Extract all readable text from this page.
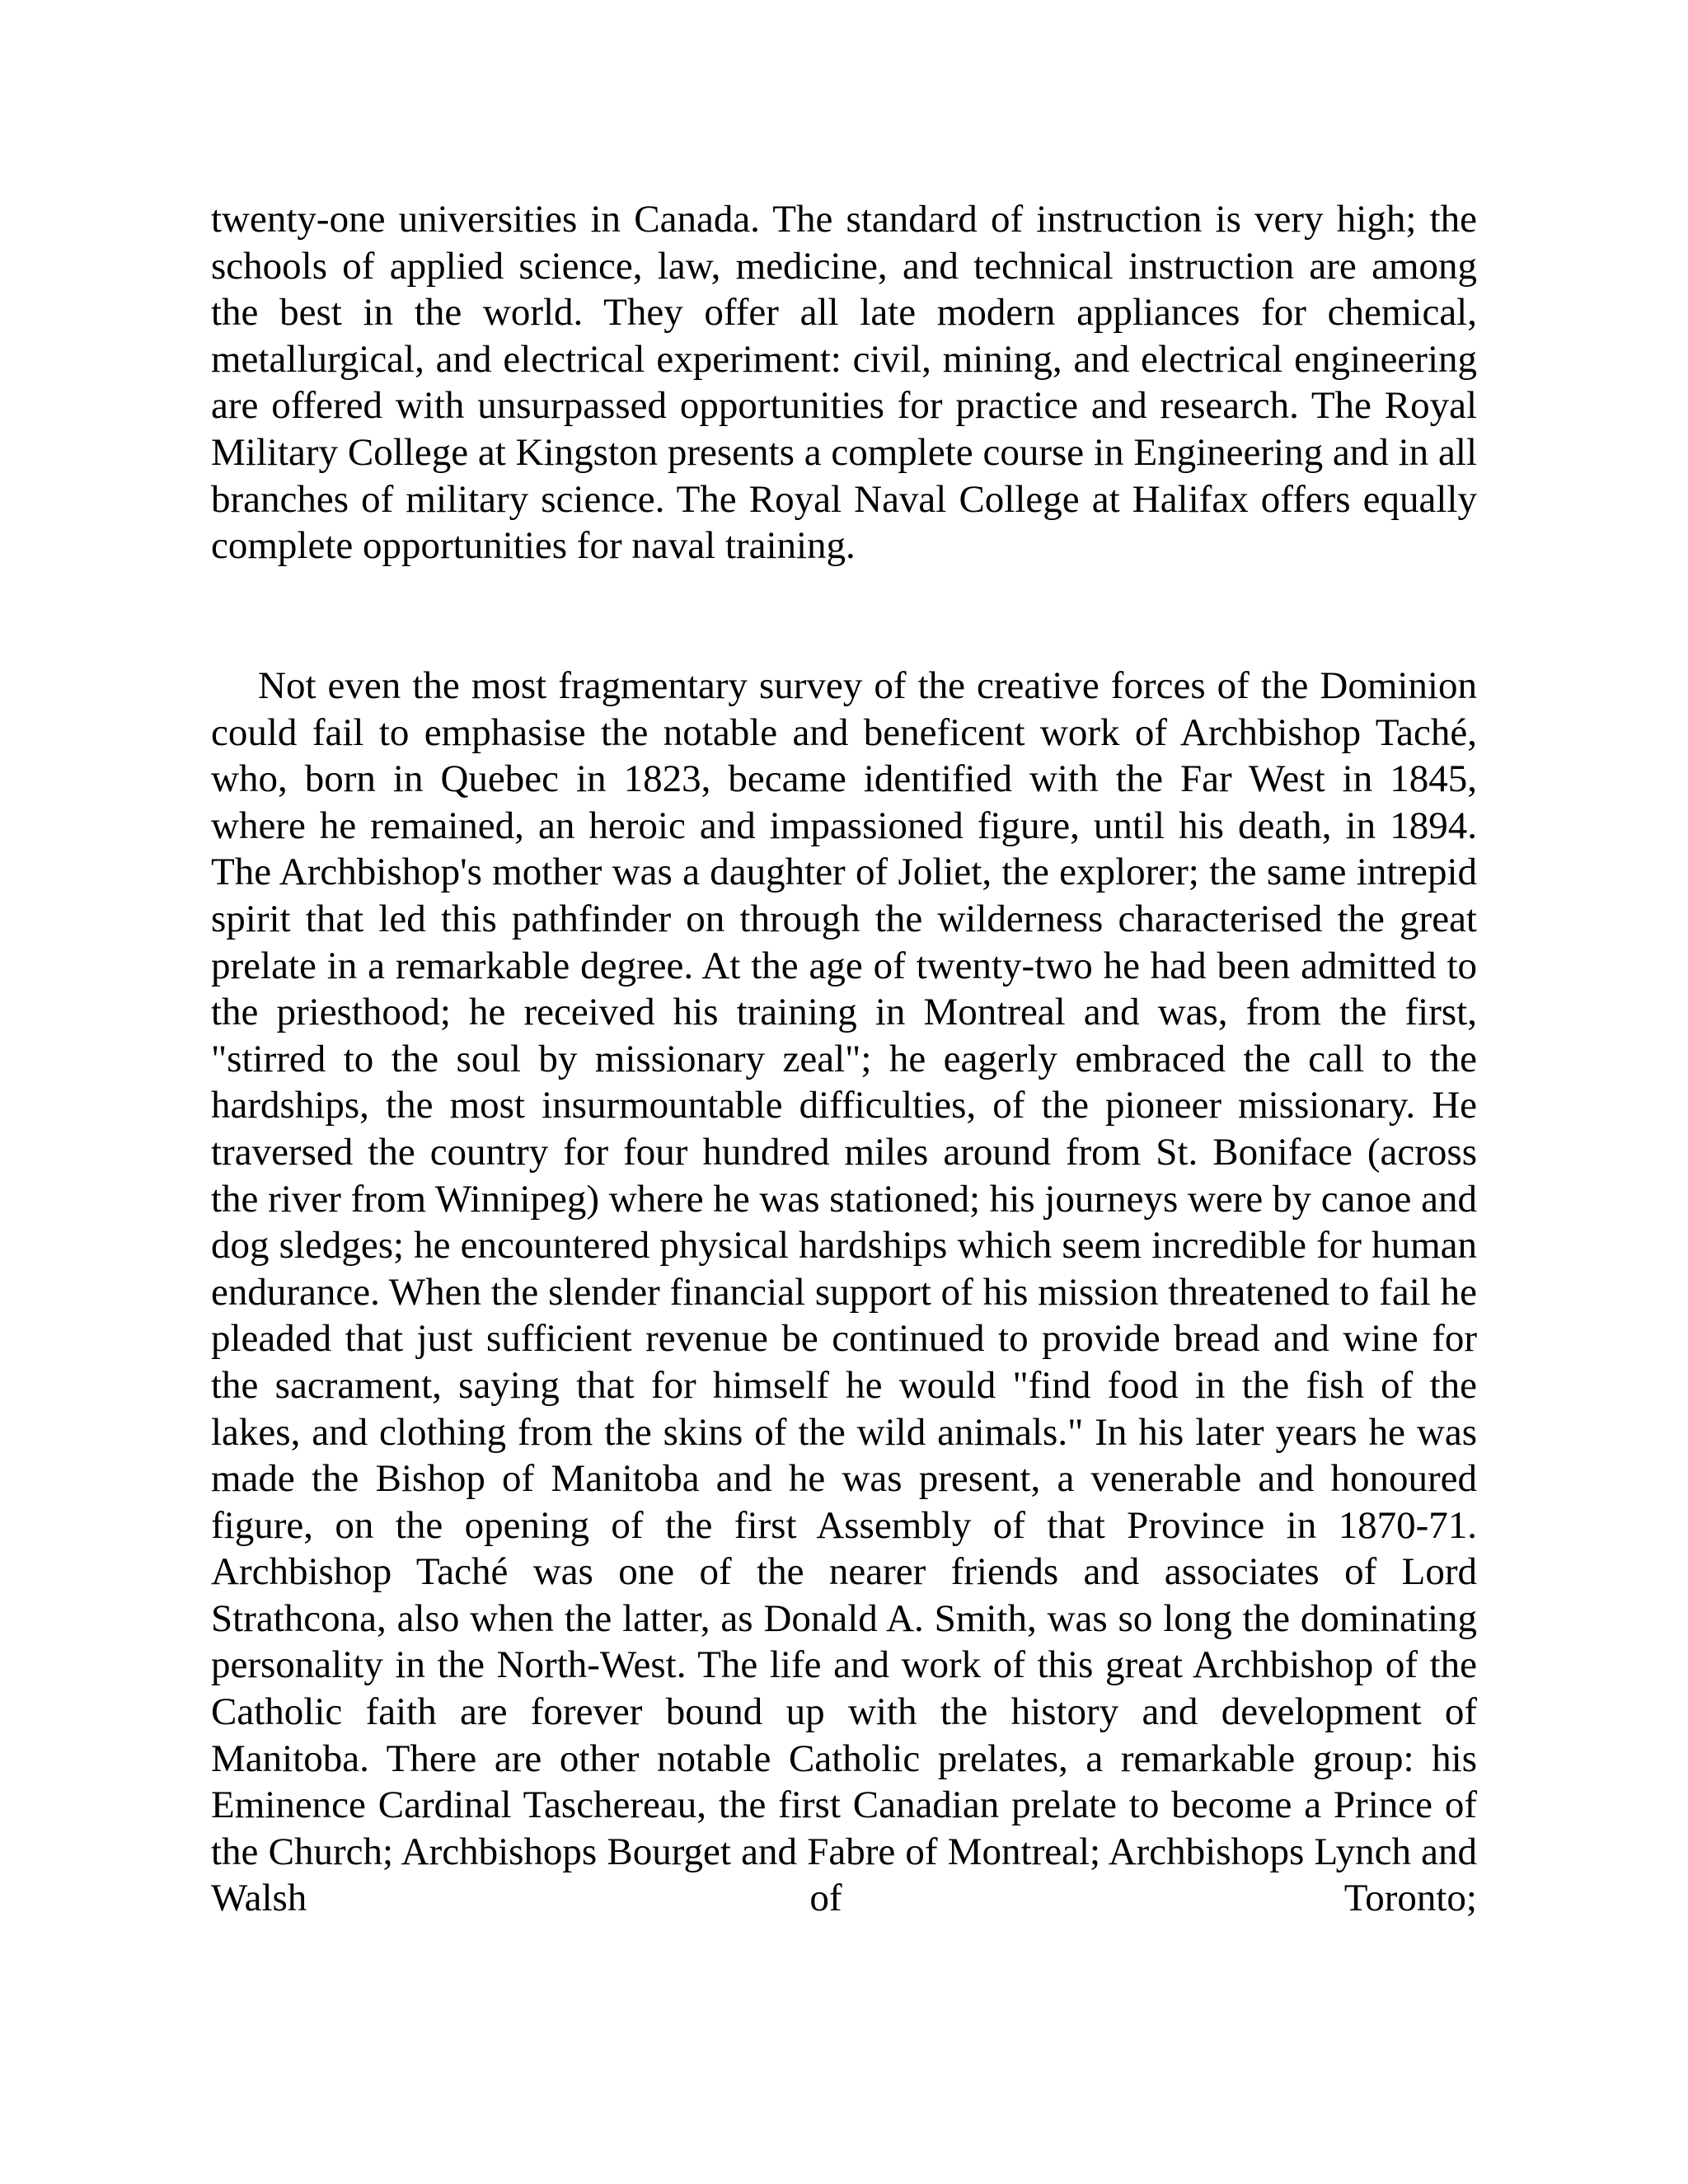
twenty-one universities in Canada. The standard of instruction is very high; the schools of applied science, law, medicine, and technical instruction are among the best in the world. They offer all late modern appliances for chemical, metallurgical, and electrical experiment: civil, mining, and electrical engineering are offered with unsurpassed opportunities for practice and research. The Royal Military College at Kingston presents a complete course in Engineering and in all branches of military science. The Royal Naval College at Halifax offers equally complete opportunities for naval training.

Not even the most fragmentary survey of the creative forces of the Dominion could fail to emphasise the notable and beneficent work of Archbishop Taché, who, born in Quebec in 1823, became identified with the Far West in 1845, where he remained, an heroic and impassioned figure, until his death, in 1894. The Archbishop's mother was a daughter of Joliet, the explorer; the same intrepid spirit that led this pathfinder on through the wilderness characterised the great prelate in a remarkable degree. At the age of twenty-two he had been admitted to the priesthood; he received his training in Montreal and was, from the first, "stirred to the soul by missionary zeal"; he eagerly embraced the call to the hardships, the most insurmountable difficulties, of the pioneer missionary. He traversed the country for four hundred miles around from St. Boniface (across the river from Winnipeg) where he was stationed; his journeys were by canoe and dog sledges; he encountered physical hardships which seem incredible for human endurance. When the slender financial support of his mission threatened to fail he pleaded that just sufficient revenue be continued to provide bread and wine for the sacrament, saying that for himself he would "find food in the fish of the lakes, and clothing from the skins of the wild animals." In his later years he was made the Bishop of Manitoba and he was present, a venerable and honoured figure, on the opening of the first Assembly of that Province in 1870-71. Archbishop Taché was one of the nearer friends and associates of Lord Strathcona, also when the latter, as Donald A. Smith, was so long the dominating personality in the North-West. The life and work of this great Archbishop of the Catholic faith are forever bound up with the history and development of Manitoba. There are other notable Catholic prelates, a remarkable group: his Eminence Cardinal Taschereau, the first Canadian prelate to become a Prince of the Church; Archbishops Bourget and Fabre of Montreal; Archbishops Lynch and Walsh of Toronto;
